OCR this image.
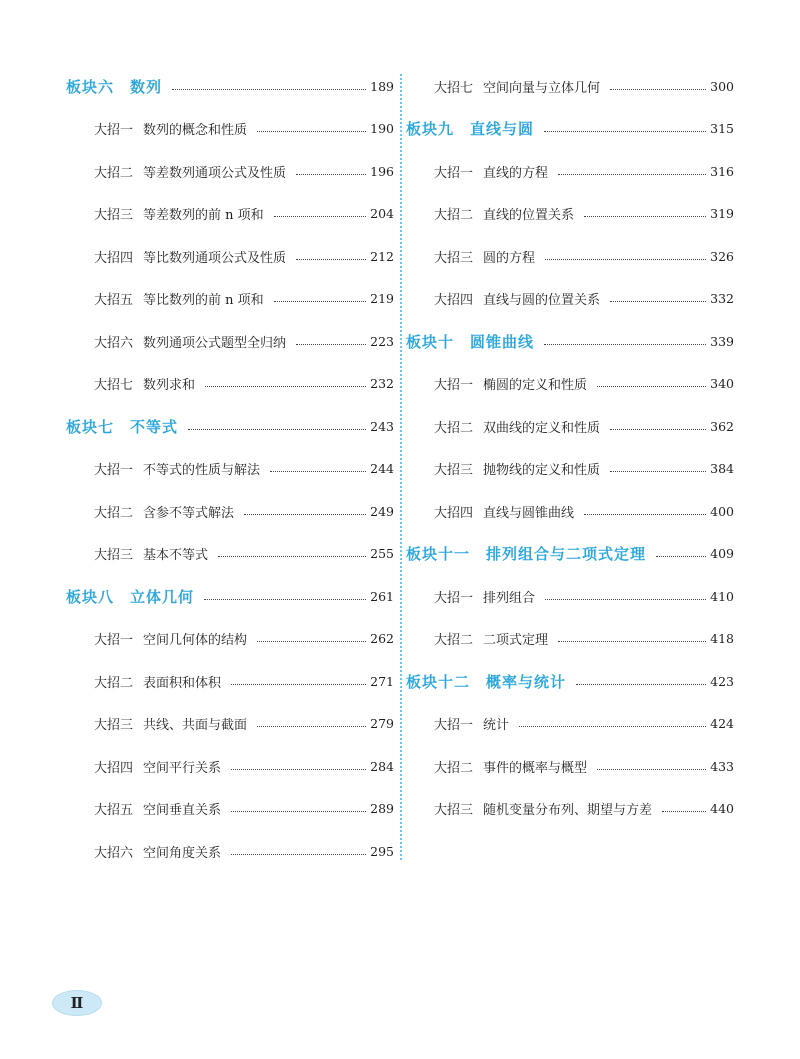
板块六 数列	189
大招一 数列的概念和性质	190
大招二 等差数列通项公式及性质	196
大招三 等差数列的前 n 项和	204
大招四 等比数列通项公式及性质	212
大招五 等比数列的前 n 项和	219
大招六 数列通项公式题型全归纳	223
大招七 数列求和	232
板块七 不等式	243
大招一 不等式的性质与解法	244
大招二 含参不等式解法	249
大招三 基本不等式	255
板块八 立体几何	261
大招一 空间几何体的结构	262
大招二 表面积和体积	271
大招三 共线、共面与截面	279
大招四 空间平行关系	284
大招五 空间垂直关系	289
大招六 空间角度关系	295
大招七 空间向量与立体几何	300
板块九 直线与圆	315
大招一 直线的方程	316
大招二 直线的位置关系	319
大招三 圆的方程	326
大招四 直线与圆的位置关系	332
板块十 圆锥曲线	339
大招一 椭圆的定义和性质	340
大招二 双曲线的定义和性质	362
大招三 抛物线的定义和性质	384
大招四 直线与圆锥曲线	400
板块十一 排列组合与二项式定理	409
大招一 排列组合	410
大招二 二项式定理	418
板块十二 概率与统计	423
大招一 统计	424
大招二 事件的概率与概型	433
大招三 随机变量分布列、期望与方差	440
Ⅱ
